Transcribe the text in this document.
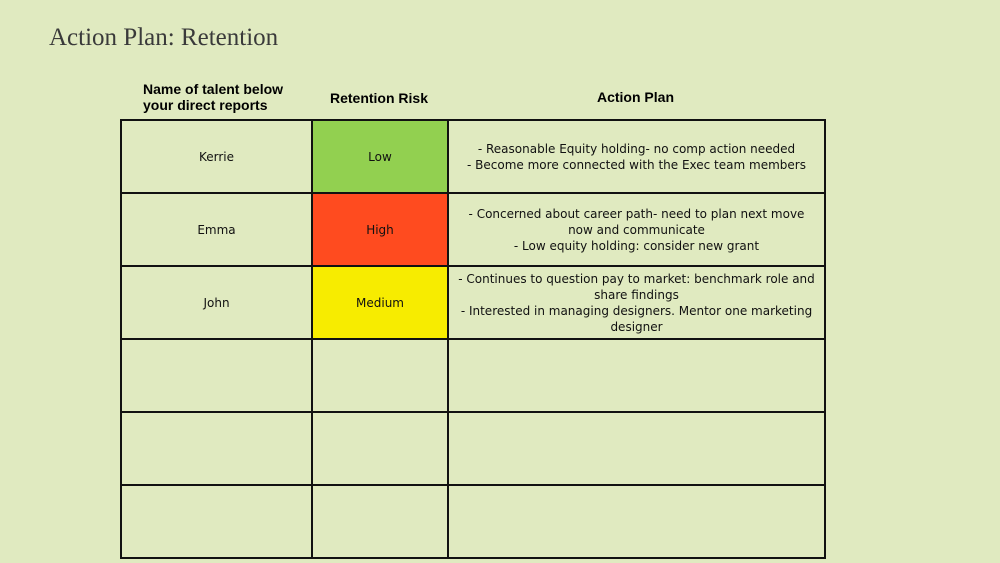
Action Plan: Retention
Name of talent below your direct reports	Retention Risk	Action Plan
Kerrie	Low	- Reasonable Equity holding- no comp action needed
- Become more connected with the Exec team members

Emma	High	- Concerned about career path- need to plan next move now and communicate
- Low equity holding: consider new grant

John	Medium	- Continues to question pay to market: benchmark role and share findings
- Interested in managing designers. Mentor one marketing designer
